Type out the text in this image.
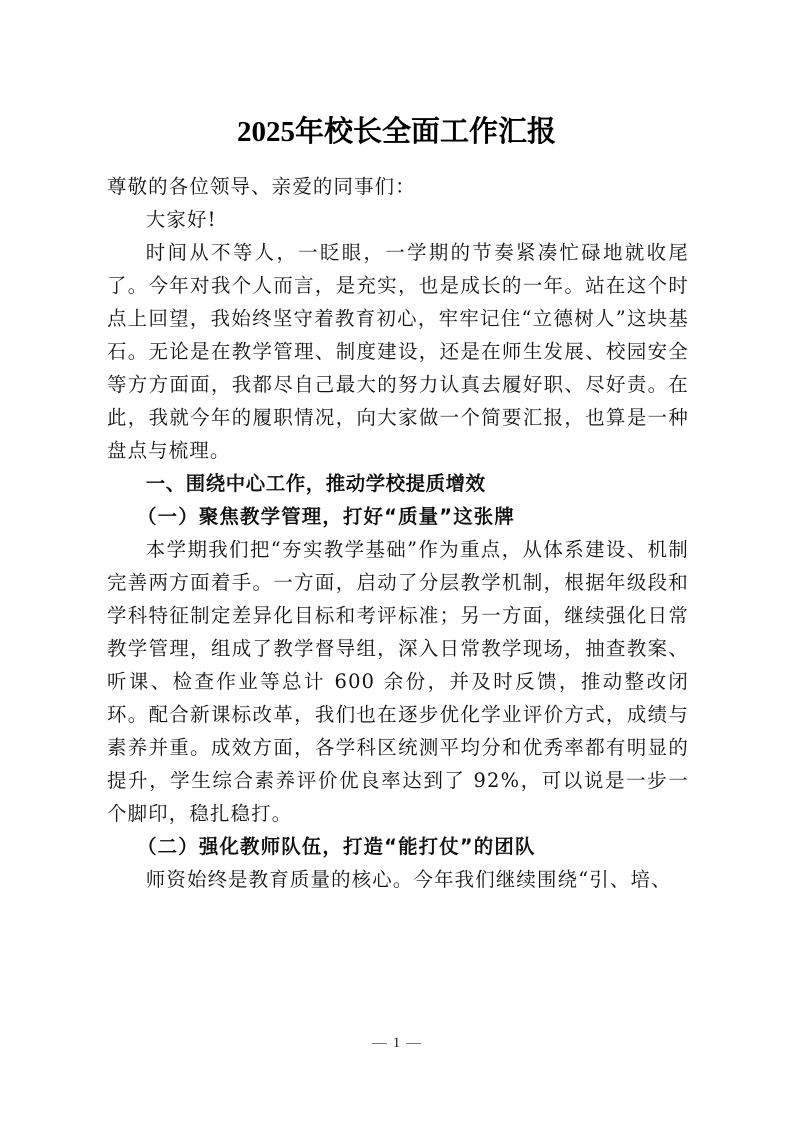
2025年校长全面工作汇报

尊敬的各位领导、亲爱的同事们：

大家好!

时间从不等人，一眨眼，一学期的节奏紧凑忙碌地就收尾了。今年对我个人而言，是充实，也是成长的一年。站在这个时点上回望，我始终坚守着教育初心，牢牢记住“立德树人”这块基石。无论是在教学管理、制度建设，还是在师生发展、校园安全等方方面面，我都尽自己最大的努力认真去履好职、尽好责。在此，我就今年的履职情况，向大家做一个简要汇报，也算是一种盘点与梳理。

一、围绕中心工作，推动学校提质增效

（一）聚焦教学管理，打好“质量”这张牌

本学期我们把“夯实教学基础”作为重点，从体系建设、机制完善两方面着手。一方面，启动了分层教学机制，根据年级段和学科特征制定差异化目标和考评标准；另一方面，继续强化日常教学管理，组成了教学督导组，深入日常教学现场，抽查教案、听课、检查作业等总计 600 余份，并及时反馈，推动整改闭环。配合新课标改革，我们也在逐步优化学业评价方式，成绩与素养并重。成效方面，各学科区统测平均分和优秀率都有明显的提升，学生综合素养评价优良率达到了 92%，可以说是一步一个脚印，稳扎稳打。

（二）强化教师队伍，打造“能打仗”的团队

师资始终是教育质量的核心。今年我们继续围绕“引、培、

1
